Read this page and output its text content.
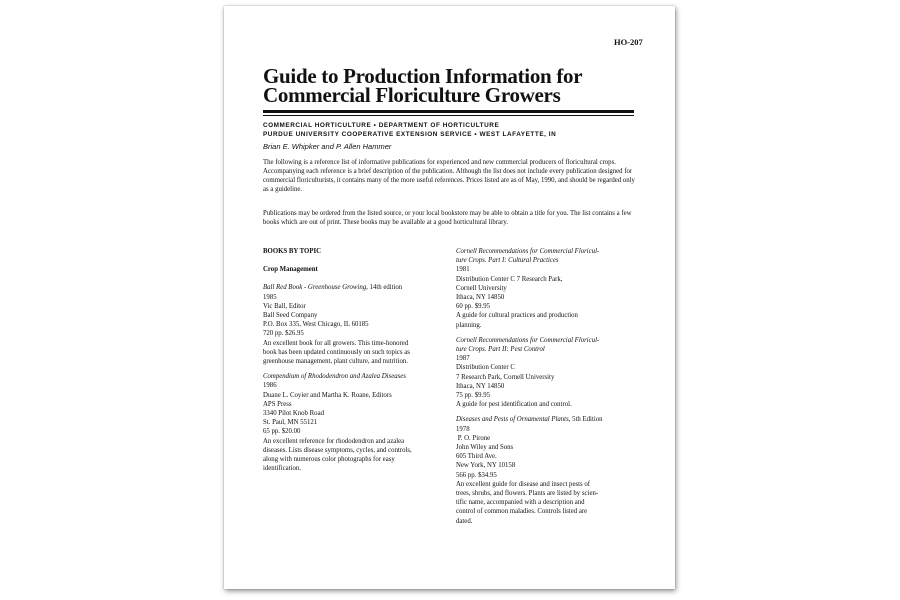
HO-207
Guide to Production Information for
Commercial Floriculture Growers
COMMERCIAL HORTICULTURE • DEPARTMENT OF HORTICULTURE
PURDUE UNIVERSITY COOPERATIVE EXTENSION SERVICE • WEST LAFAYETTE, IN
Brian E. Whipker and P. Allen Hammer
The following is a reference list of informative publications for experienced and new commercial producers of floricultural crops. Accompanying each reference is a brief description of the publication. Although the list does not include every publication designed for commercial floriculturists, it contains many of the more useful references. Prices listed are as of May, 1990, and should be regarded only as a guideline.
Publications may be ordered from the listed source, or your local bookstore may be able to obtain a title for you. The list contains a few books which are out of print. These books may be available at a good horticultural library.

BOOKS BY TOPIC

Crop Management

Ball Red Book - Greenhouse Growing, 14th edition

1985

Vic Ball, Editor

Ball Seed Company

P.O. Box 335, West Chicago, IL 60185

720 pp. $26.95

An excellent book for all growers. This time-honored

book has been updated continuously on such topics as

greenhouse management, plant culture, and nutrition.

Compendium of Rhododendron and Azalea Diseases

1986

Duane L. Coyier and Martha K. Roane, Editors

APS Press

3340 Pilot Knob Road

St. Paul, MN 55121

65 pp. $20.00

An excellent reference for rhododendron and azalea

diseases. Lists disease symptoms, cycles, and controls,

along with numerous color photographs for easy

identification.

Cornell Recommendations for Commercial Floricul-

ture Crops. Part I: Cultural Practices

1981

Distribution Center C 7 Research Park,

Cornell University

Ithaca, NY 14850

60 pp. $9.95

A guide for cultural practices and production

planning.

Cornell Recommendations for Commercial Floricul-

ture Crops. Part II: Pest Control

1987

Distribution Center C

7 Research Park, Cornell University

Ithaca, NY 14850

75 pp. $9.95

A guide for pest identification and control.

Diseases and Pests of Ornamental Plants, 5th Edition

1978

P. O. Pirone

John Wiley and Sons

605 Third Ave.

New York, NY 10158

566 pp. $34.95

An excellent guide for disease and insect pests of

trees, shrubs, and flowers. Plants are listed by scien-

tific name, accompanied with a description and

control of common maladies. Controls listed are

dated.
